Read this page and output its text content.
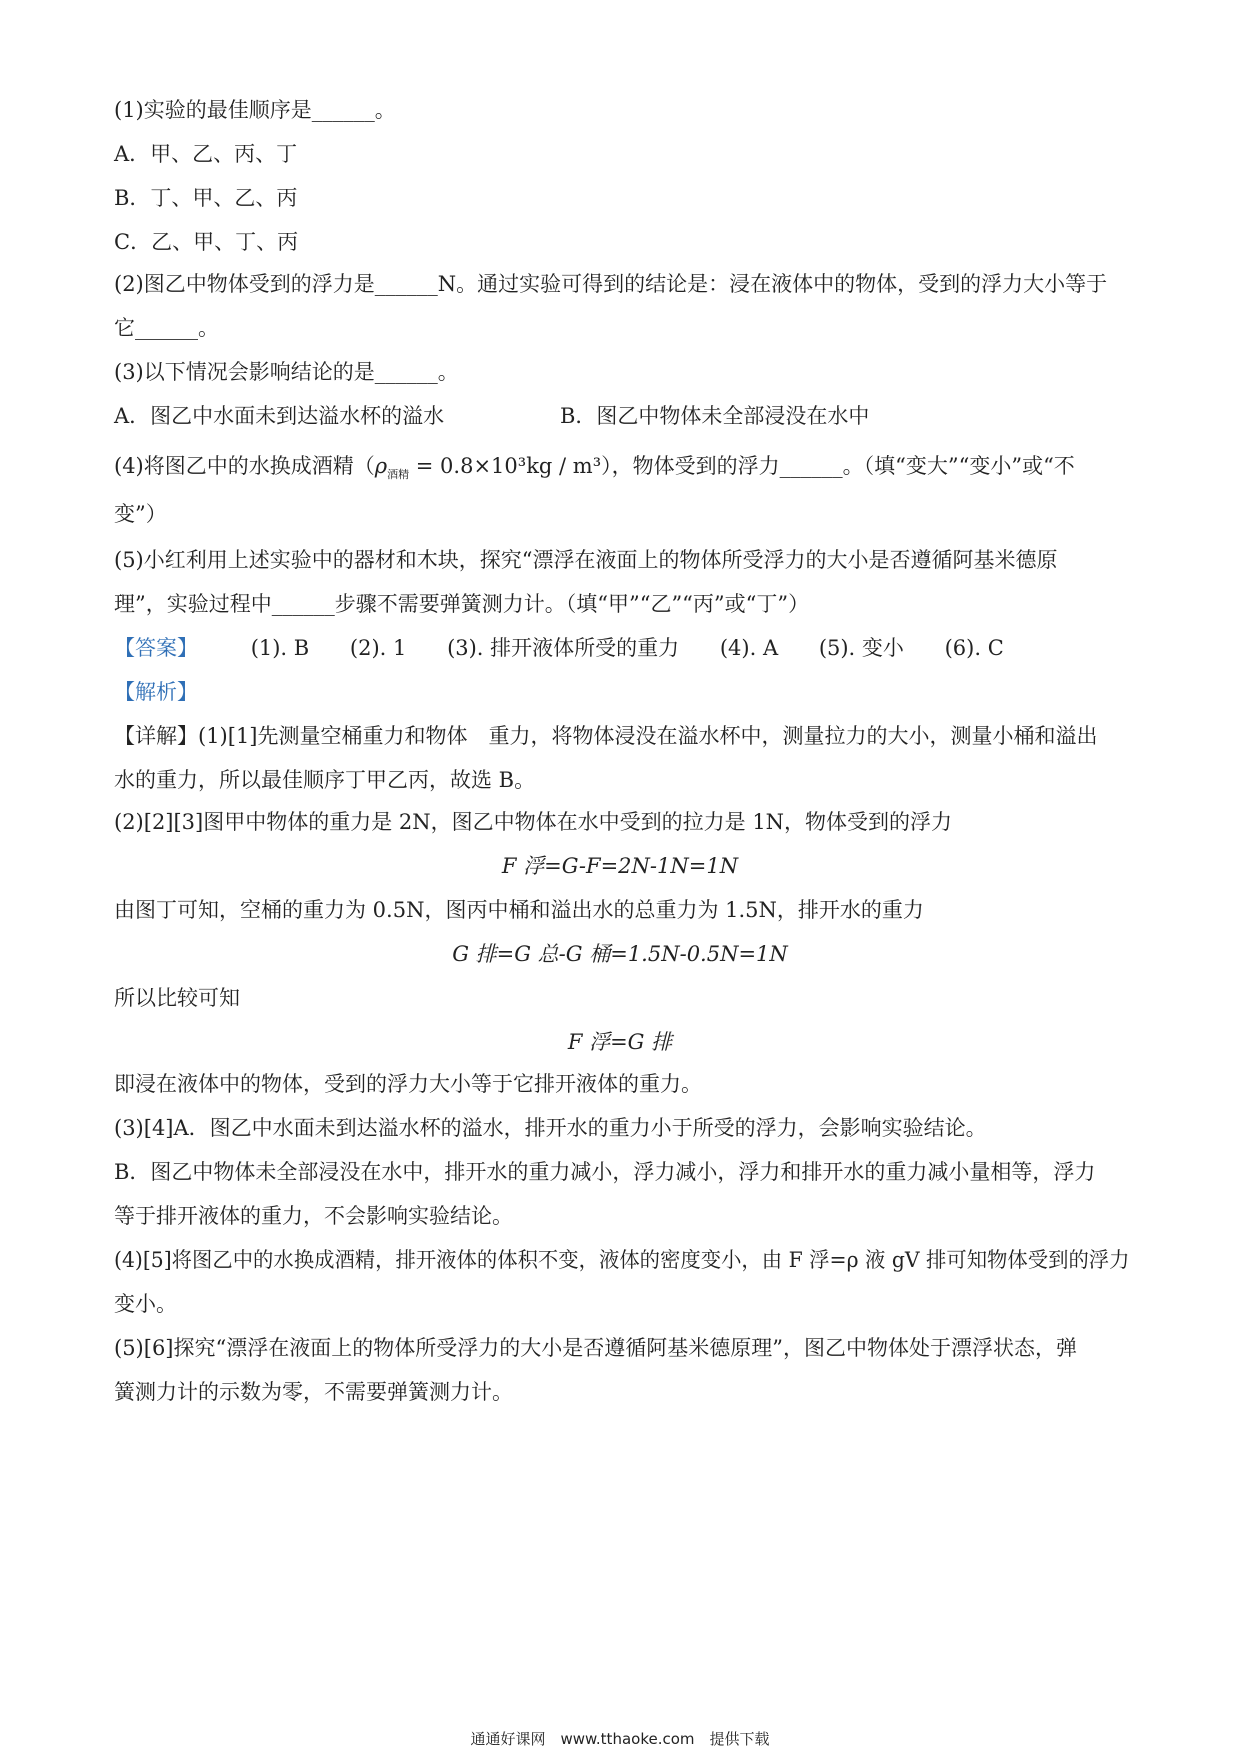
(1)实验的最佳顺序是______。
A．甲、乙、丙、丁
B．丁、甲、乙、丙
C．乙、甲、丁、丙
(2)图乙中物体受到的浮力是______N。通过实验可得到的结论是：浸在液体中的物体，受到的浮力大小等于
它______。
(3)以下情况会影响结论的是______。
A．图乙中水面未到达溢水杯的溢水	B．图乙中物体未全部浸没在水中
(4)将图乙中的水换成酒精$(\rho_{酒精} = 0.8\times 10^3kg / m^3)$，物体受到的浮力______。（填“变大”“变小”或“不
变”）
(5)小红利用上述实验中的器材和木块，探究“漂浮在液面上的物体所受浮力的大小是否遵循阿基米德原
理”，实验过程中______步骤不需要弹簧测力计。（填“甲”“乙”“丙”或“丁”）
【答案】	(1). B (2). 1 (3). 排开液体所受的重力 (4). A (5). 变小 (6). C
【解析】
【详解】(1)[1]先测量空桶重力和物体　重力，将物体浸没在溢水杯中，测量拉力的大小，测量小桶和溢出
水的重力，所以最佳顺序丁甲乙丙，故选 B。
(2)[2][3]图甲中物体的重力是 2N，图乙中物体在水中受到的拉力是 1N，物体受到的浮力
F 浮=G-F=2N-1N=1N
由图丁可知，空桶的重力为 0.5N，图丙中桶和溢出水的总重力为 1.5N，排开水的重力
G 排=G 总-G 桶=1.5N-0.5N=1N
所以比较可知
F 浮=G 排
即浸在液体中的物体，受到的浮力大小等于它排开液体的重力。
(3)[4]A．图乙中水面未到达溢水杯的溢水，排开水的重力小于所受的浮力，会影响实验结论。
B．图乙中物体未全部浸没在水中，排开水的重力减小，浮力减小，浮力和排开水的重力减小量相等，浮力
等于排开液体的重力，不会影响实验结论。
(4)[5]将图乙中的水换成酒精，排开液体的体积不变，液体的密度变小，由 F 浮=ρ 液 gV 排可知物体受到的浮力
变小。
(5)[6]探究“漂浮在液面上的物体所受浮力的大小是否遵循阿基米德原理”，图乙中物体处于漂浮状态，弹
簧测力计的示数为零，不需要弹簧测力计。
通通好课网　www.tthaoke.com　提供下载
